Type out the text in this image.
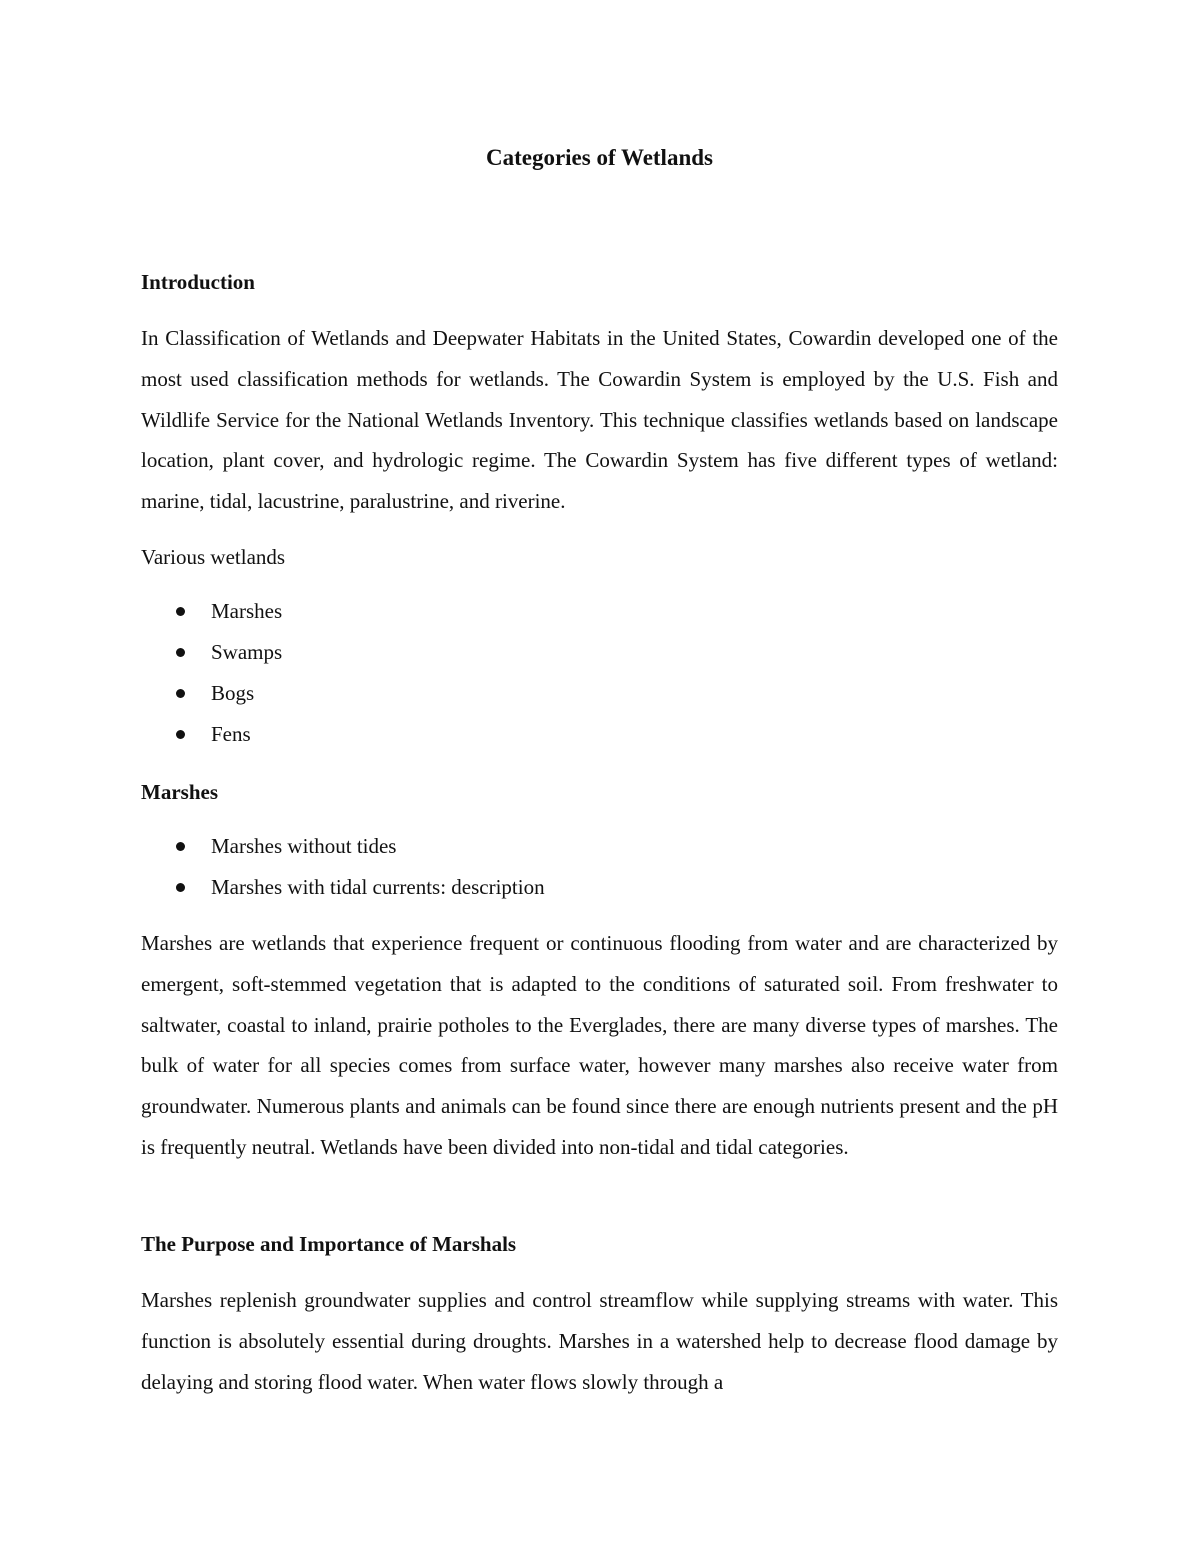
Categories of Wetlands
Introduction

In Classification of Wetlands and Deepwater Habitats in the United States, Cowardin developed one of the most used classification methods for wetlands. The Cowardin System is employed by the U.S. Fish and Wildlife Service for the National Wetlands Inventory. This technique classifies wetlands based on landscape location, plant cover, and hydrologic regime. The Cowardin System has five different types of wetland: marine, tidal, lacustrine, paralustrine, and riverine.

Various wetlands

Marshes
Swamps
Bogs
Fens
Marshes
Marshes without tides
Marshes with tidal currents: description

Marshes are wetlands that experience frequent or continuous flooding from water and are characterized by emergent, soft-stemmed vegetation that is adapted to the conditions of saturated soil. From freshwater to saltwater, coastal to inland, prairie potholes to the Everglades, there are many diverse types of marshes. The bulk of water for all species comes from surface water, however many marshes also receive water from groundwater. Numerous plants and animals can be found since there are enough nutrients present and the pH is frequently neutral. Wetlands have been divided into non-tidal and tidal categories.

The Purpose and Importance of Marshals

Marshes replenish groundwater supplies and control streamflow while supplying streams with water. This function is absolutely essential during droughts. Marshes in a watershed help to decrease flood damage by delaying and storing flood water. When water flows slowly through a
